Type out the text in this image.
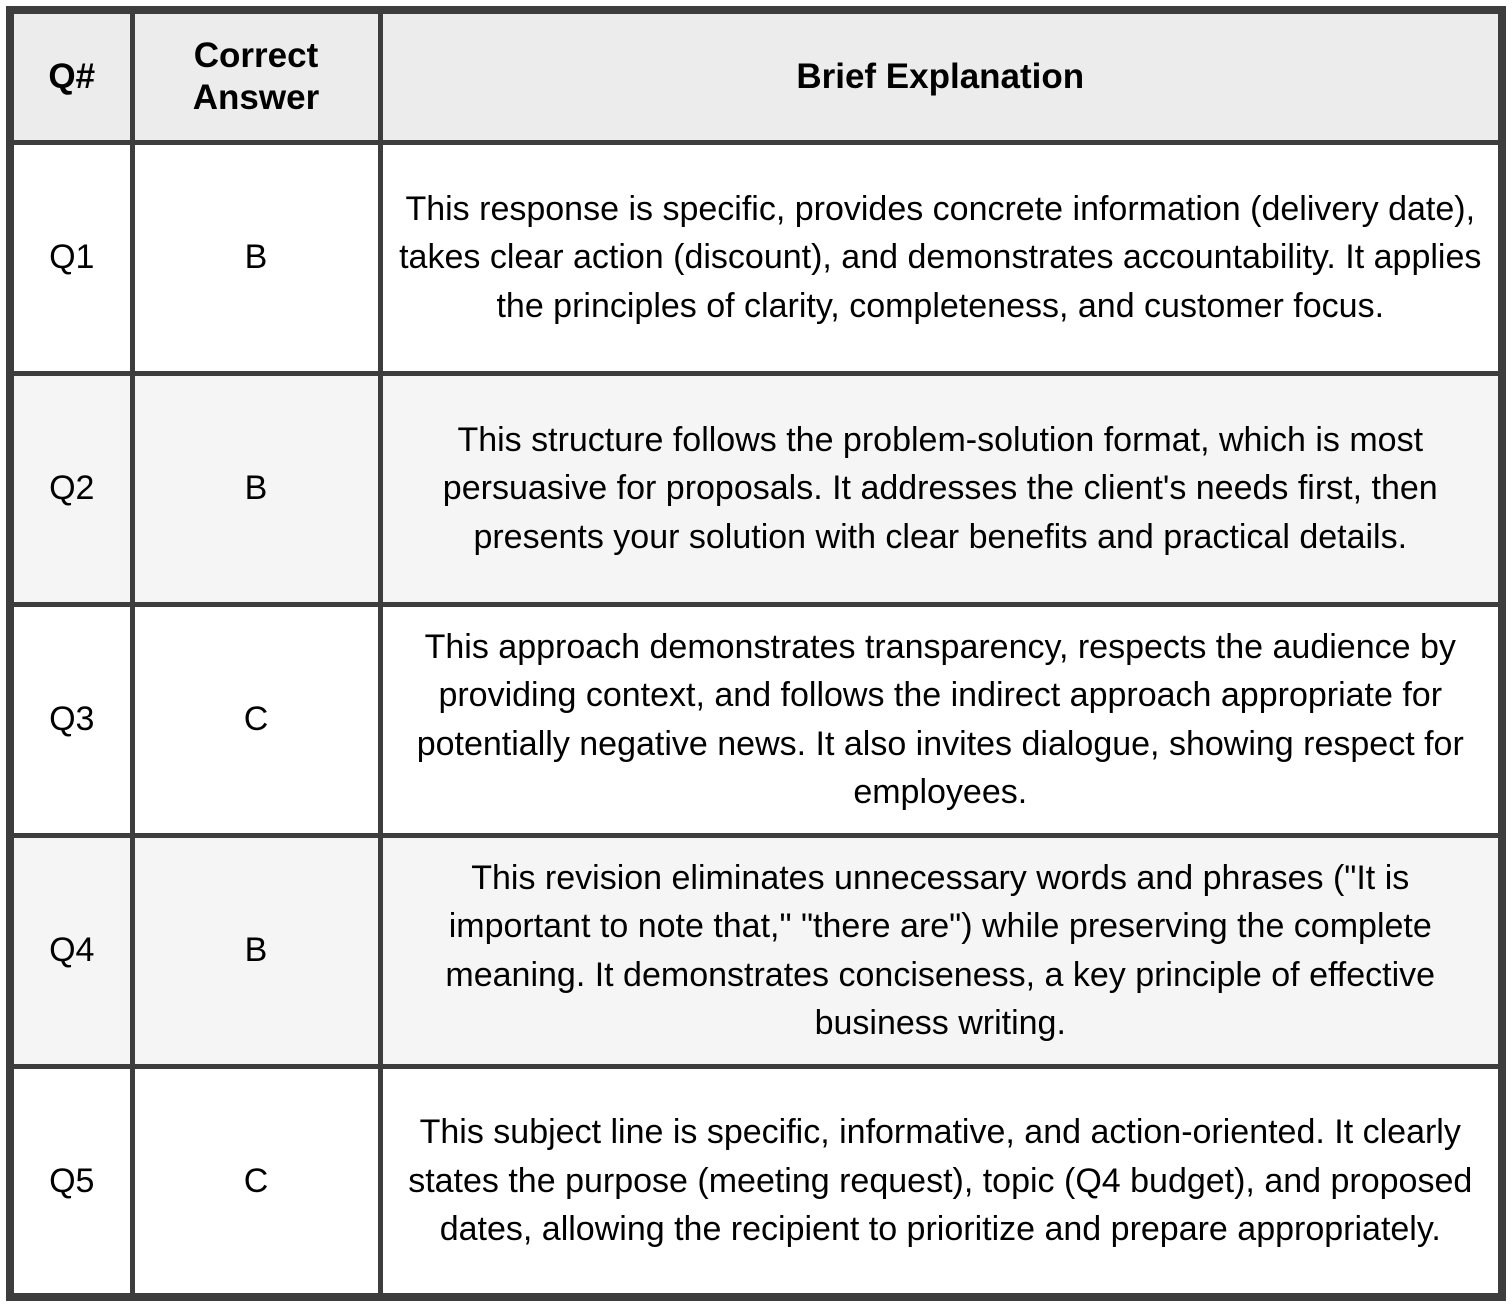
Q#	Correct Answer	Brief Explanation
Q1	B	This response is specific, provides concrete information (delivery date), takes clear action (discount), and demonstrates accountability. It applies the principles of clarity, completeness, and customer focus.
Q2	B	This structure follows the problem-solution format, which is most persuasive for proposals. It addresses the client's needs first, then presents your solution with clear benefits and practical details.
Q3	C	This approach demonstrates transparency, respects the audience by providing context, and follows the indirect approach appropriate for potentially negative news. It also invites dialogue, showing respect for employees.
Q4	B	This revision eliminates unnecessary words and phrases ("It is important to note that," "there are") while preserving the complete meaning. It demonstrates conciseness, a key principle of effective business writing.
Q5	C	This subject line is specific, informative, and action-oriented. It clearly states the purpose (meeting request), topic (Q4 budget), and proposed dates, allowing the recipient to prioritize and prepare appropriately.
